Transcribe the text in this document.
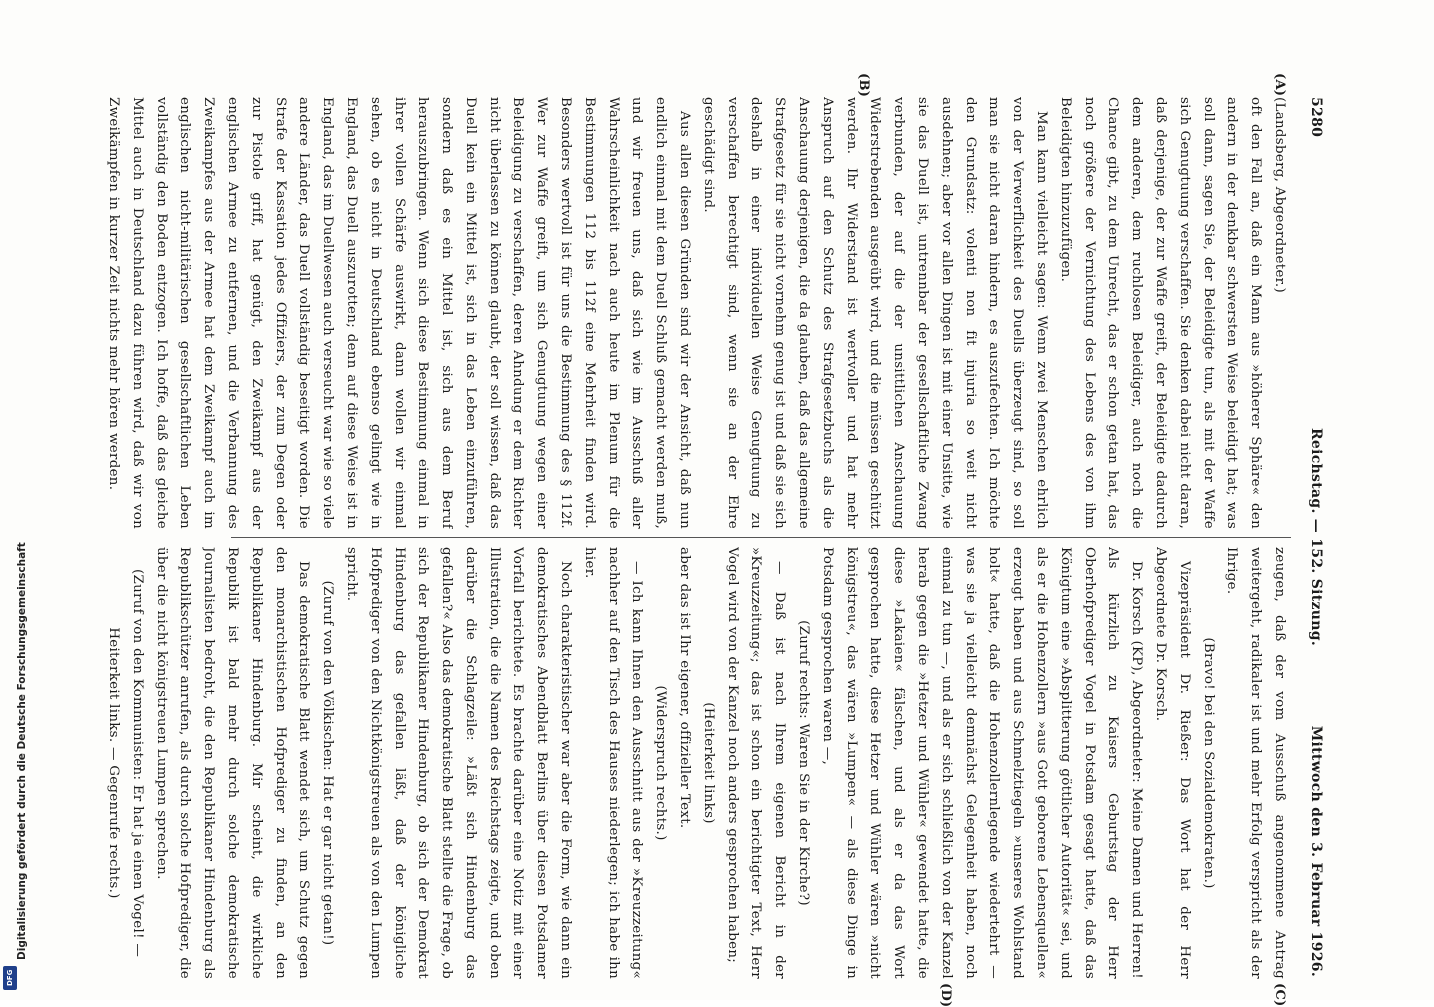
5280
Reichstag. — 152. Sitzung.
Mittwoch den 3. Februar 1926.
(A)
(B)
(C)
(D)

(Landsberg, Abgeordneter.)

oft den Fall an, daß ein Mann aus »höherer Sphäre« den andern in der denkbar schwersten Weise beleidigt hat; was soll dann, sagen Sie, der Beleidigte tun, als mit der Waffe sich Genugtuung verschaffen. Sie denken dabei nicht daran, daß derjenige, der zur Waffe greift, der Beleidigte dadurch dem anderen, dem ruchlosen Beleidiger, auch noch die Chance gibt, zu dem Unrecht, das er schon getan hat, das noch größere der Vernichtung des Lebens des von ihm Beleidigten hinzuzufügen.

Man kann vielleicht sagen: Wenn zwei Menschen ehrlich von der Verwerflichkeit des Duells überzeugt sind, so soll man sie nicht daran hindern, es auszufechten. Ich möchte den Grundsatz: volenti non fit injuria so weit nicht ausdehnen; aber vor allen Dingen ist mit einer Unsitte, wie sie das Duell ist, untrennbar der gesellschaftliche Zwang verbunden, der auf die der unsittlichen Anschauung Widerstrebenden ausgeübt wird, und die müssen geschützt werden. Ihr Widerstand ist wertvoller und hat mehr Anspruch auf den Schutz des Strafgesetzbuchs als die Anschauung derjenigen, die da glauben, daß das allgemeine Strafgesetz für sie nicht vornehm genug ist und daß sie sich deshalb in einer individuellen Weise Genugtuung zu verschaffen berechtigt sind, wenn sie an der Ehre geschädigt sind.

Aus allen diesen Gründen sind wir der Ansicht, daß nun endlich einmal mit dem Duell Schluß gemacht werden muß, und wir freuen uns, daß sich wie im Ausschuß aller Wahrscheinlichkeit nach auch heute im Plenum für die Bestimmungen 112 bis 112f eine Mehrheit finden wird. Besonders wertvoll ist für uns die Bestimmung des § 112f. Wer zur Waffe greift, um sich Genugtuung wegen einer Beleidigung zu verschaffen, deren Ahndung er dem Richter nicht überlassen zu können glaubt, der soll wissen, daß das Duell kein ein Mittel ist, sich in das Leben einzuführen, sondern daß es ein Mittel ist, sich aus dem Beruf herauszubringen. Wenn sich diese Bestimmung einmal in ihrer vollen Schärfe auswirkt, dann wollen wir einmal sehen, ob es nicht in Deutschland ebenso gelingt wie in England, das Duell auszurotten; denn auf diese Weise ist in England, das im Duellwesen auch verseucht war wie so viele andere Länder, das Duell vollständig beseitigt worden. Die Strafe der Kassation jedes Offiziers, der zum Degen oder zur Pistole griff, hat genügt, den Zweikampf aus der englischen Armee zu entfernen, und die Verbannung des Zweikampfes aus der Armee hat dem Zweikampf auch im englischen nicht-militärischen gesellschaftlichen Leben vollständig den Boden entzogen. Ich hoffe, daß das gleiche Mittel auch in Deutschland dazu führen wird, daß wir von Zweikämpfen in kurzer Zeit nichts mehr hören werden.

zeugen, daß der vom Ausschuß angenommene Antrag weitergeht, radikaler ist und mehr Erfolg verspricht als der Ihrige.

(Bravo! bei den Sozialdemokraten.)

Vizepräsident Dr. Rießer: Das Wort hat der Herr Abgeordnete Dr. Korsch.

Dr. Korsch (KP), Abgeordneter: Meine Damen und Herren! Als kürzlich zu Kaisers Geburtstag der Herr Oberhofprediger Vogel in Potsdam gesagt hatte, daß das Königtum eine »Absplitterung göttlicher Autorität« sei, und als er die Hohenzollern »aus Gott geborene Lebensquellen« erzeugt haben und aus Schmelztiegeln »unseres Wohlstand holt« hatte, daß die Hohenzollernlegende wiedertehrt — was sie ja vielleicht demnächst Gelegenheit haben, noch einmal zu tun —, und als er sich schließlich von der Kanzel herab gegen die »Hetzer und Wühler« gewendet hatte, die diese »Lakaien« fälschen, und als er da das Wort gesprochen hatte, diese Hetzer und Wühler wären »nicht königstreu«, das wären »Lumpen« — als diese Dinge in Potsdam gesprochen waren —,

(Zuruf rechts: Waren Sie in der Kirche?)

— Daß ist nach Ihrem eigenen Bericht in der »Kreuzzeitung«; das ist schon ein berichtigter Text, Herr Vogel wird von der Kanzel noch anders gesprochen haben;

(Heiterkeit links)

aber das ist Ihr eigener, offizieller Text.

(Widerspruch rechts.)

— Ich kann Ihnen den Ausschnitt aus der »Kreuzzeitung« nachher auf den Tisch des Hauses niederlegen; ich habe ihn hier.

Noch charakteristischer war aber die Form, wie dann ein demokratisches Abendblatt Berlins über diesen Potsdamer Vorfall berichtete. Es brachte darüber eine Notiz mit einer Illustration, die die Namen des Reichstags zeigte, und oben darüber die Schlagzeile: »Läßt sich Hindenburg das gefallen?« Also das demokratische Blatt stellte die Frage, ob sich der Republikaner Hindenburg, ob sich der Demokrat Hindenburg das gefallen läßt, daß der königliche Hofprediger von den Nichtkönigstreuen als von den Lumpen spricht.

(Zuruf von den Völkischen: Hat er gar nicht getan!)

Das demokratische Blatt wendet sich, um Schutz gegen den monarchistischen Hofprediger zu finden, an den Republikaner Hindenburg. Mir scheint, die wirkliche Republik ist bald mehr durch solche demokratische Journalisten bedroht, die den Republikaner Hindenburg als Republikschützer anrufen, als durch solche Hofprediger, die über die nicht königstreuen Lumpen sprechen.

(Zuruf von den Kommunisten: Er hat ja einen Vogel! — Heiterkeit links. — Gegenrufe rechts.)

Digitalisierung gefördert durch die Deutsche Forschungsgemeinschaft
DFG
